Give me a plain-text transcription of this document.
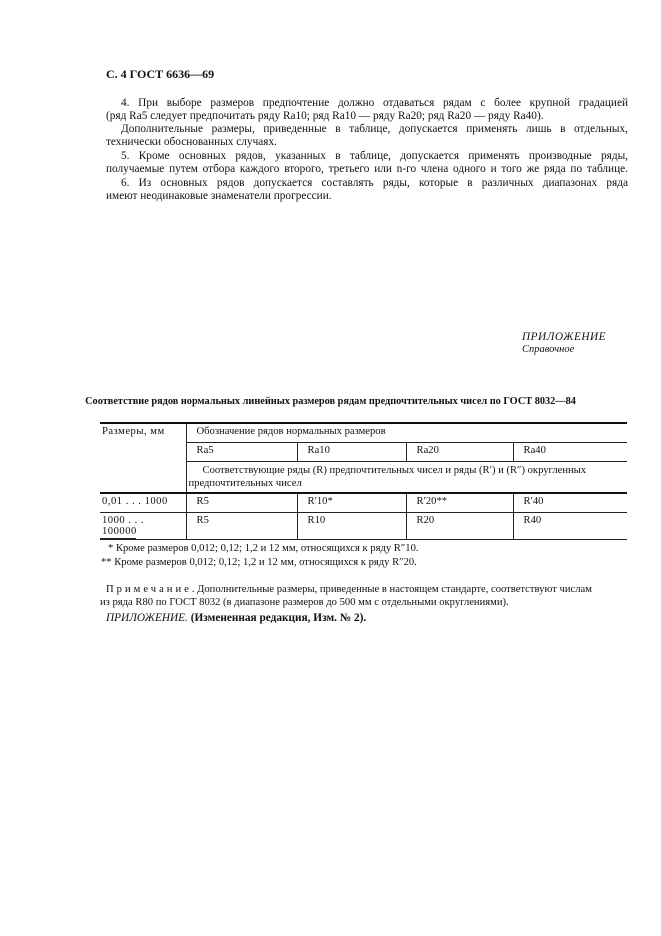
С. 4 ГОСТ 6636—69
4. При выборе размеров предпочтение должно отдаваться рядам с более крупной градацией
(ряд Ra5 следует предпочитать ряду Ra10; ряд Ra10 — ряду Ra20; ряд Ra20 — ряду Ra40).
Дополнительные размеры, приведенные в таблице, допускается применять лишь в отдельных,
технически обоснованных случаях.
5. Кроме основных рядов, указанных в таблице, допускается применять производные ряды,
получаемые путем отбора каждого второго, третьего или n-го члена одного и того же ряда по таблице.
6. Из основных рядов допускается составлять ряды, которые в различных диапазонах ряда
имеют неодинаковые знаменатели прогрессии.
ПРИЛОЖЕНИЕ
Справочное
Соответствие рядов нормальных линейных размеров рядам предпочтительных чисел по ГОСТ 8032—84
Размеры, мм	Обозначение рядов нормальных размеров			
	Ra5	Ra10	Ra20	Ra40
	Соответствующие ряды (R) предпочтительных чисел и ряды (R′) и (R″) округленных предпочтительных чисел			
0,01 . . . 1000	R5	R′10*	R′20**	R′40
1000 . . . 100000	R5	R10	R20	R40
* Кроме размеров 0,012; 0,12; 1,2 и 12 мм, относящихся к ряду R″10.
** Кроме размеров 0,012; 0,12; 1,2 и 12 мм, относящихся к ряду R″20.
Примечание. Дополнительные размеры, приведенные в настоящем стандарте, соответствуют числам
из ряда R80 по ГОСТ 8032 (в диапазоне размеров до 500 мм с отдельными округлениями).
ПРИЛОЖЕНИЕ. (Измененная редакция, Изм. № 2).
